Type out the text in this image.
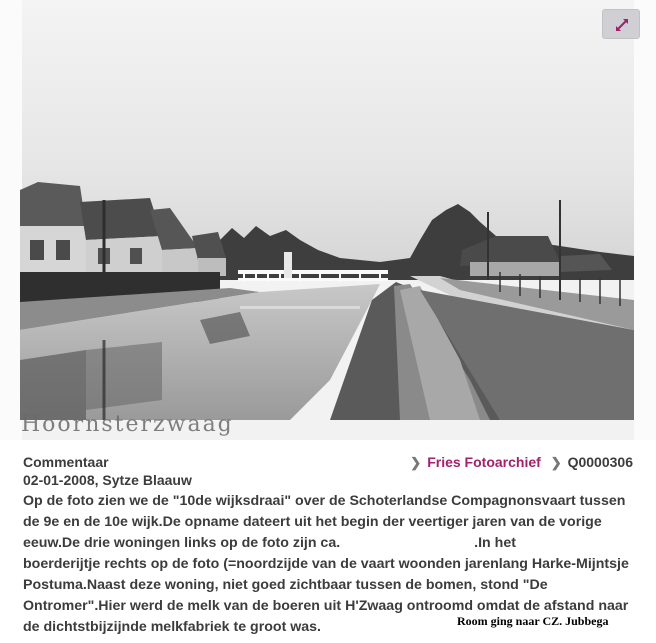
Hoornsterzwaag
Commentaar	❯ Fries Fotoarchief ❯ Q0000306
02-01-2008, Sytze Blaauw
Op de foto zien we de "10de wijksdraai" over de Schoterlandse Compagnonsvaart tussen
de 9e en de 10e wijk.De opname dateert uit het begin der veertiger jaren van de vorige
eeuw.De drie woningen links op de foto zijn ca.                                  .In het
boerderijtje rechts op de foto (=noordzijde van de vaart woonden jarenlang Harke-Mijntsje
Postuma.Naast deze woning, niet goed zichtbaar tussen de bomen, stond "De
Ontromer".Hier werd de melk van de boeren uit H'Zwaag ontroomd omdat de afstand naar
de dichtstbijzijnde melkfabriek te groot was.	Room ging naar CZ. Jubbega
